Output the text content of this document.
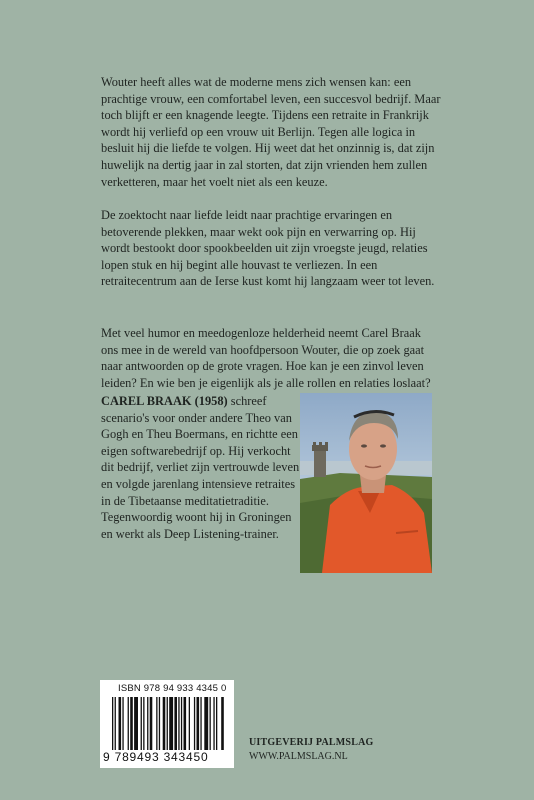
Wouter heeft alles wat de moderne mens zich wensen kan: een prachtige vrouw, een comfortabel leven, een succesvol bedrijf. Maar toch blijft er een knagende leegte. Tijdens een retraite in Frankrijk wordt hij verliefd op een vrouw uit Berlijn. Tegen alle logica in besluit hij die liefde te volgen. Hij weet dat het onzinnig is, dat zijn huwelijk na dertig jaar in zal storten, dat zijn vrienden hem zullen verketteren, maar het voelt niet als een keuze.

De zoektocht naar liefde leidt naar prachtige ervaringen en betoverende plekken, maar wekt ook pijn en verwarring op. Hij wordt bestookt door spookbeelden uit zijn vroegste jeugd, relaties lopen stuk en hij begint alle houvast te verliezen. In een retraitecentrum aan de Ierse kust komt hij langzaam weer tot leven.

Met veel humor en meedogenloze helderheid neemt Carel Braak ons mee in de wereld van hoofdpersoon Wouter, die op zoek gaat naar antwoorden op de grote vragen. Hoe kan je een zinvol leven leiden? En wie ben je eigenlijk als je alle rollen en relaties loslaat?

CAREL BRAAK (1958) schreef scenario's voor onder andere Theo van Gogh en Theu Boermans, en richtte een eigen softwarebedrijf op. Hij verkocht dit bedrijf, verliet zijn vertrouwde leven en volgde jarenlang intensieve retraites in de Tibetaanse meditatietraditie. Tegenwoordig woont hij in Groningen en werkt als Deep Listening-trainer.

ISBN 978 94 933 4345 0
9 789493 343450
UITGEVERIJ PALMSLAG
WWW.PALMSLAG.NL
